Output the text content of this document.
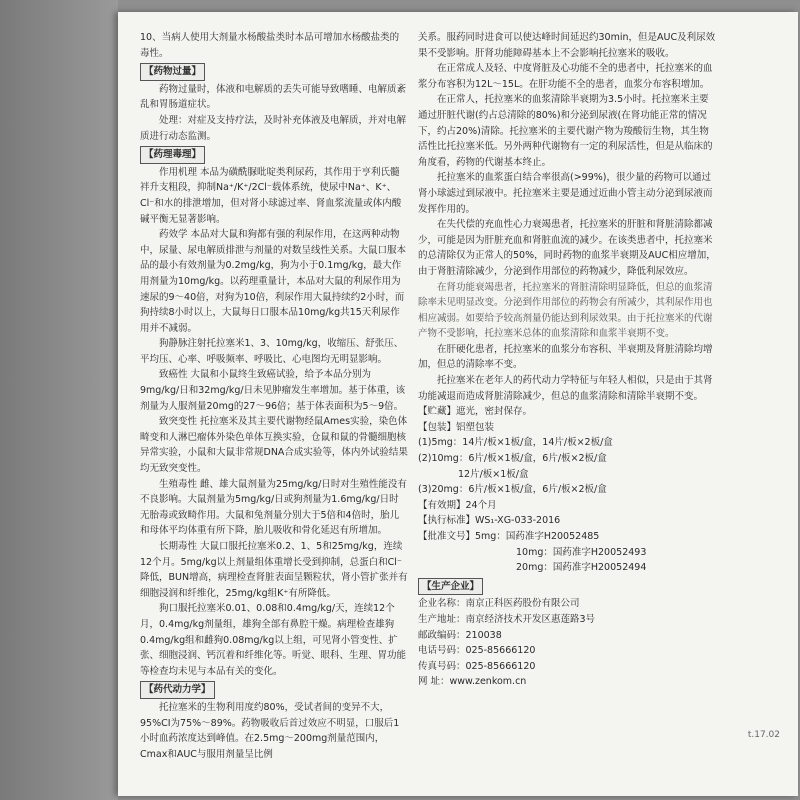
10、当病人使用大剂量水杨酸盐类时本品可增加水杨酸盐类的毒性。

【药物过量】

药物过量时，体液和电解质的丢失可能导致嗜睡、电解质紊乱和胃肠道症状。

处理：对症及支持疗法，及时补充体液及电解质，并对电解质进行动态监测。

【药理毒理】

作用机理 本品为磺酰脲吡啶类利尿药，其作用于亨利氏髓袢升支粗段，抑制Na⁺/K⁺/2Cl⁻载体系统，使尿中Na⁺、K⁺、Cl⁻和水的排泄增加，但对肾小球滤过率、肾血浆流量或体内酸碱平衡无显著影响。

药效学 本品对大鼠和狗都有强的利尿作用，在这两种动物中，尿量、尿电解质排泄与剂量的对数呈线性关系。大鼠口服本品的最小有效剂量为0.2mg/kg，狗为小于0.1mg/kg，最大作用剂量为10mg/kg。以药理重量计，本品对大鼠的利尿作用为速尿的9～40倍，对狗为10倍，利尿作用大鼠持续约2小时，而狗持续8小时以上，大鼠每日口服本品10mg/kg共15天利尿作用并不减弱。

狗静脉注射托拉塞米1、3、10mg/kg，收缩压、舒张压、平均压、心率、呼吸频率、呼吸比、心电图均无明显影响。

致癌性 大鼠和小鼠终生致癌试验，给予本品分别为9mg/kg/日和32mg/kg/日未见肿瘤发生率增加。基于体重，该剂量为人服剂量20mg的27～96倍；基于体表面积为5～9倍。

致突变性 托拉塞米及其主要代谢物经鼠Ames实验，染色体畸变和人淋巴瘤体外染色单体互换实验，仓鼠和鼠的骨髓细胞核异常实验，小鼠和大鼠非常规DNA合成实验等，体内外试验结果均无致突变性。

生殖毒性 雌、雄大鼠剂量为25mg/kg/日时对生殖性能没有不良影响。大鼠剂量为5mg/kg/日或狗剂量为1.6mg/kg/日时无胎毒或致畸作用。大鼠和兔剂量分别大于5倍和4倍时，胎儿和母体平均体重有所下降，胎儿吸收和骨化延迟有所增加。

长期毒性 大鼠口服托拉塞米0.2、1、5和25mg/kg，连续12个月。5mg/kg以上剂量组体重增长受到抑制，总蛋白和Cl⁻降低，BUN增高，病理检查肾脏表面呈颗粒状，肾小管扩张并有细胞浸润和纤维化，25mg/kg组K⁺有所降低。

狗口服托拉塞米0.01、0.08和0.4mg/kg/天，连续12个月，0.4mg/kg剂量组，雄狗全部有鼻腔干燥。病理检查雄狗0.4mg/kg组和雌狗0.08mg/kg以上组，可见肾小管变性、扩张、细胞浸润、钙沉着和纤维化等。听觉、眼科、生理、胃功能等检查均未见与本品有关的变化。

【药代动力学】

托拉塞米的生物利用度约80%，受试者间的变异不大，95%CI为75%～89%。药物吸收后首过效应不明显，口服后1小时血药浓度达到峰值。在2.5mg～200mg剂量范围内，Cmax和AUC与服用剂量呈比例

关系。服药同时进食可以使达峰时间延迟约30min，但是AUC及利尿效果不受影响。肝肾功能障碍基本上不会影响托拉塞米的吸收。

在正常成人及轻、中度肾脏及心功能不全的患者中，托拉塞米的血浆分布容积为12L～15L。在肝功能不全的患者，血浆分布容积增加。

在正常人，托拉塞米的血浆清除半衰期为3.5小时。托拉塞米主要通过肝脏代谢(约占总清除的80%)和分泌到尿液(在肾功能正常的情况下，约占20%)清除。托拉塞米的主要代谢产物为羧酸衍生物，其生物活性比托拉塞米低。另外两种代谢物有一定的利尿活性，但是从临床的角度看，药物的代谢基本终止。

托拉塞米的血浆蛋白结合率很高(>99%)，很少量的药物可以通过肾小球滤过到尿液中。托拉塞米主要是通过近曲小管主动分泌到尿液而发挥作用的。

在失代偿的充血性心力衰竭患者，托拉塞米的肝脏和肾脏清除都减少，可能是因为肝脏充血和肾脏血流的减少。在该类患者中，托拉塞米的总清除仅为正常人的50%，同时药物的血浆半衰期及AUC相应增加，由于肾脏清除减少，分泌到作用部位的药物减少，降低利尿效应。

在肾功能衰竭患者，托拉塞米的肾脏清除明显降低，但总的血浆清除率未见明显改变。分泌到作用部位的药物会有所减少，其利尿作用也相应减弱。如要给予较高剂量仍能达到利尿效果。由于托拉塞米的代谢产物不受影响，托拉塞米总体的血浆清除和血浆半衰期不变。

在肝硬化患者，托拉塞米的血浆分布容积、半衰期及肾脏清除均增加，但总的清除率不变。

托拉塞米在老年人的药代动力学特征与年轻人相似，只是由于其肾功能减退而造成肾脏清除减少，但总的血浆清除和清除半衰期不变。

【贮藏】遮光，密封保存。

【包装】铝塑包装

(1)5mg：14片/板×1板/盒，14片/板×2板/盒

(2)10mg：6片/板×1板/盒，6片/板×2板/盒

12片/板×1板/盒

(3)20mg：6片/板×1板/盒，6片/板×2板/盒

【有效期】24个月

【执行标准】WS₁-XG-033-2016

【批准文号】5mg：国药准字H20052485

10mg：国药准字H20052493

20mg：国药准字H20052494

【生产企业】

企业名称：南京正科医药股份有限公司

生产地址：南京经济技术开发区惠莲路3号

邮政编码：210038

电话号码：025-85666120

传真号码：025-85666120

网 址：www.zenkom.cn

t.17.02
